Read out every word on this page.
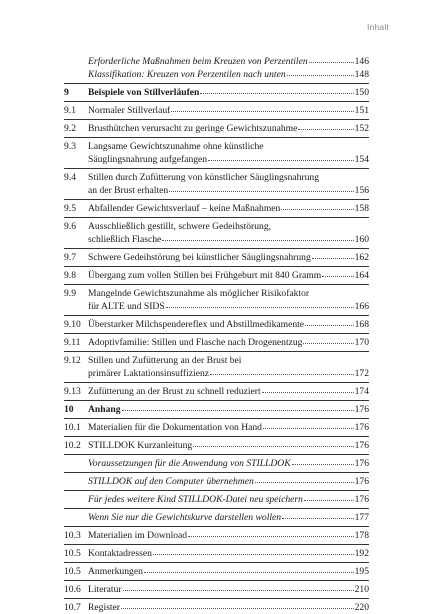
Inhalt
Erforderliche Maßnahmen beim Kreuzen von Perzentilen	146
Klassifikation: Kreuzen von Perzentilen nach unten	148
9	Beispiele von Stillverläufen	150
9.1	Normaler Stillverlauf	151
9.2	Brusthütchen verursacht zu geringe Gewichtszunahme	152
9.3	Langsame Gewichtszunahme ohne künstliche
Säuglingsnahrung aufgefangen	154
9.4	Stillen durch Zufütterung von künstlicher Säuglingsnahrung
an der Brust erhalten	156
9.5	Abfallender Gewichtsverlauf – keine Maßnahmen	158
9.6	Ausschließlich gestillt, schwere Gedeihstörung,
schließlich Flasche	160
9.7	Schwere Gedeihstörung bei künstlicher Säuglingsnahrung	162
9.8	Übergang zum vollen Stillen bei Frühgeburt mit 840 Gramm	164
9.9	Mangelnde Gewichtszunahme als möglicher Risikofaktor
für ALTE und SIDS	166
9.10 Überstarker Milchspendereflex und Abstillmedikamente	168
9.11 Adoptivfamilie: Stillen und Flasche nach Drogenentzug	170
9.12 Stillen und Zufütterung an der Brust bei
primärer Laktationsinsuffizienz	172
9.13 Zufütterung an der Brust zu schnell reduziert	174
10	Anhang	176
10.1 Materialien für die Dokumentation von Hand	176
10.2 STILLDOK Kurzanleitung	176
Voraussetzungen für die Anwendung von STILLDOK	176
STILLDOK auf den Computer übernehmen	176
Für jedes weitere Kind STILLDOK-Datei neu speichern	176
Wenn Sie nur die Gewichtskurve darstellen wollen	177
10.3 Materialien im Download	178
10.5 Kontaktadressen	192
10.5 Anmerkungen	195
10.6 Literatur	210
10.7 Register	220
